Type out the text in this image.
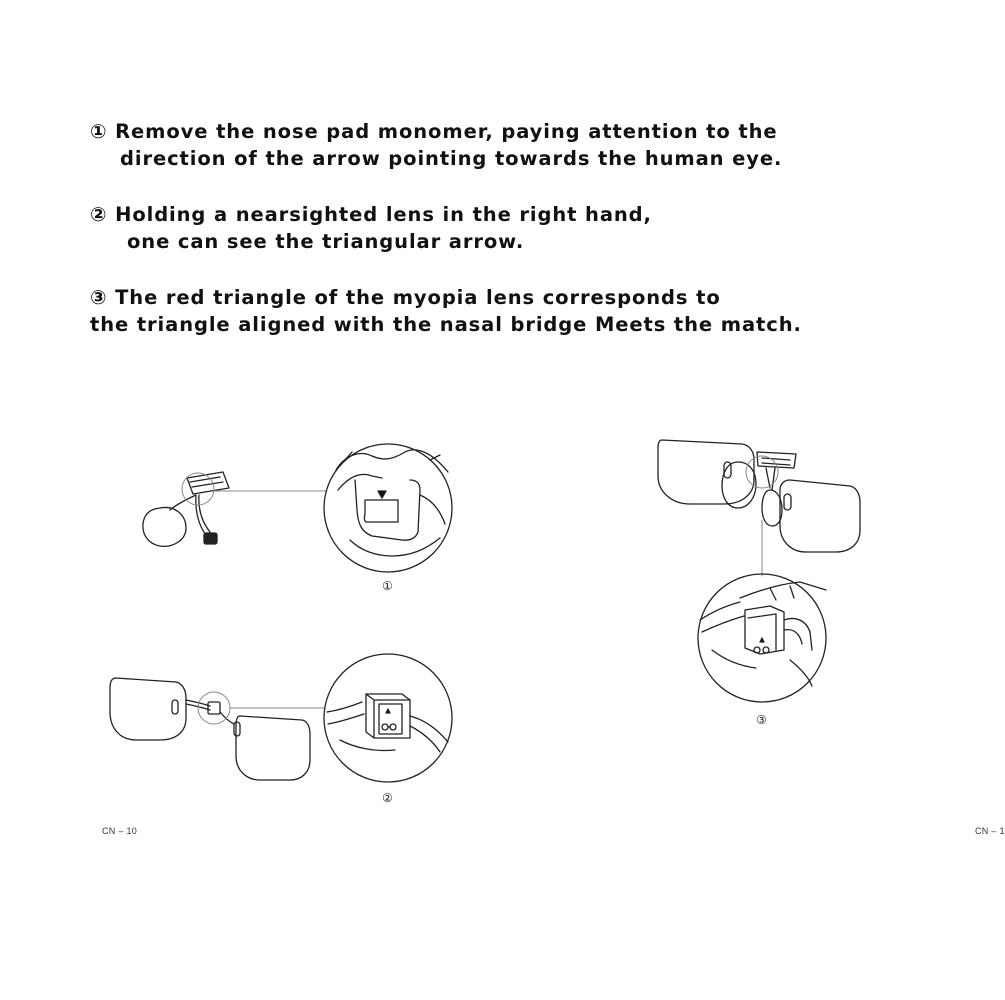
① Remove the nose pad monomer, paying attention to the

direction of the arrow pointing towards the human eye.

② Holding a nearsighted lens in the right hand,

one can see the triangular arrow.

③ The red triangle of the myopia lens corresponds to

the triangle aligned with the nasal bridge Meets the match.

①
②
③
CN – 10	CN – 1
